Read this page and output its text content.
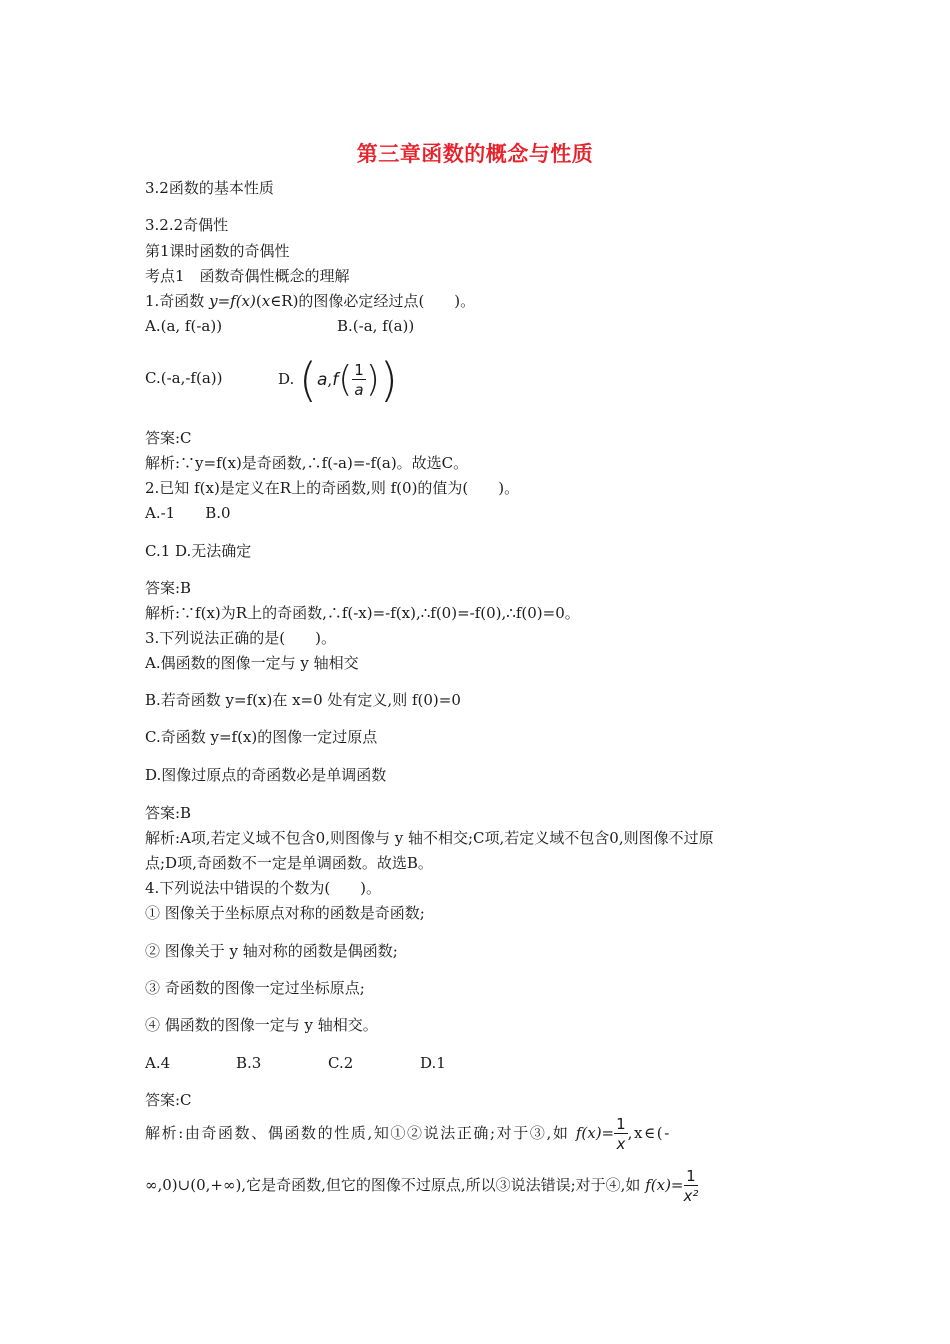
第三章函数的概念与性质
3.2函数的基本性质
3.2.2奇偶性
第1课时函数的奇偶性
考点1　函数奇偶性概念的理解
1.奇函数 y=f(x)(x∈R)的图像必定经过点(　　)。
A.(a, f(-a))	B.(-a, f(a))
C.(-a,-f(a))	D. ($a,f( \frac{1}{a}$ ))
答案:C
解析:∵y=f(x)是奇函数,∴f(-a)=-f(a)。故选C。
2.已知 f(x)是定义在R上的奇函数,则 f(0)的值为(　　)。
A.-1　　B.0
C.1 D.无法确定
答案:B
解析:∵f(x)为R上的奇函数,∴f(-x)=-f(x),∴f(0)=-f(0),∴f(0)=0。
3.下列说法正确的是(　　)。
A.偶函数的图像一定与 y 轴相交
B.若奇函数 y=f(x)在 x=0 处有定义,则 f(0)=0
C.奇函数 y=f(x)的图像一定过原点
D.图像过原点的奇函数必是单调函数
答案:B
解析:A项,若定义域不包含0,则图像与 y 轴不相交;C项,若定义域不包含0,则图像不过原
点;D项,奇函数不一定是单调函数。故选B。
4.下列说法中错误的个数为(　　)。
① 图像关于坐标原点对称的函数是奇函数;
② 图像关于 y 轴对称的函数是偶函数;
③ 奇函数的图像一定过坐标原点;
④ 偶函数的图像一定与 y 轴相交。
A.4	B.3	C.2	D.1
答案:C
解析:由奇函数、偶函数的性质,知①②说法正确;对于③,如 $f(x)= \frac{1}{x}$ ,x∈(-
∞,0)∪(0,+∞),它是奇函数,但它的图像不过原点,所以③说法错误;对于④,如 $f(x)= \frac{1}{\text{x²}}$
